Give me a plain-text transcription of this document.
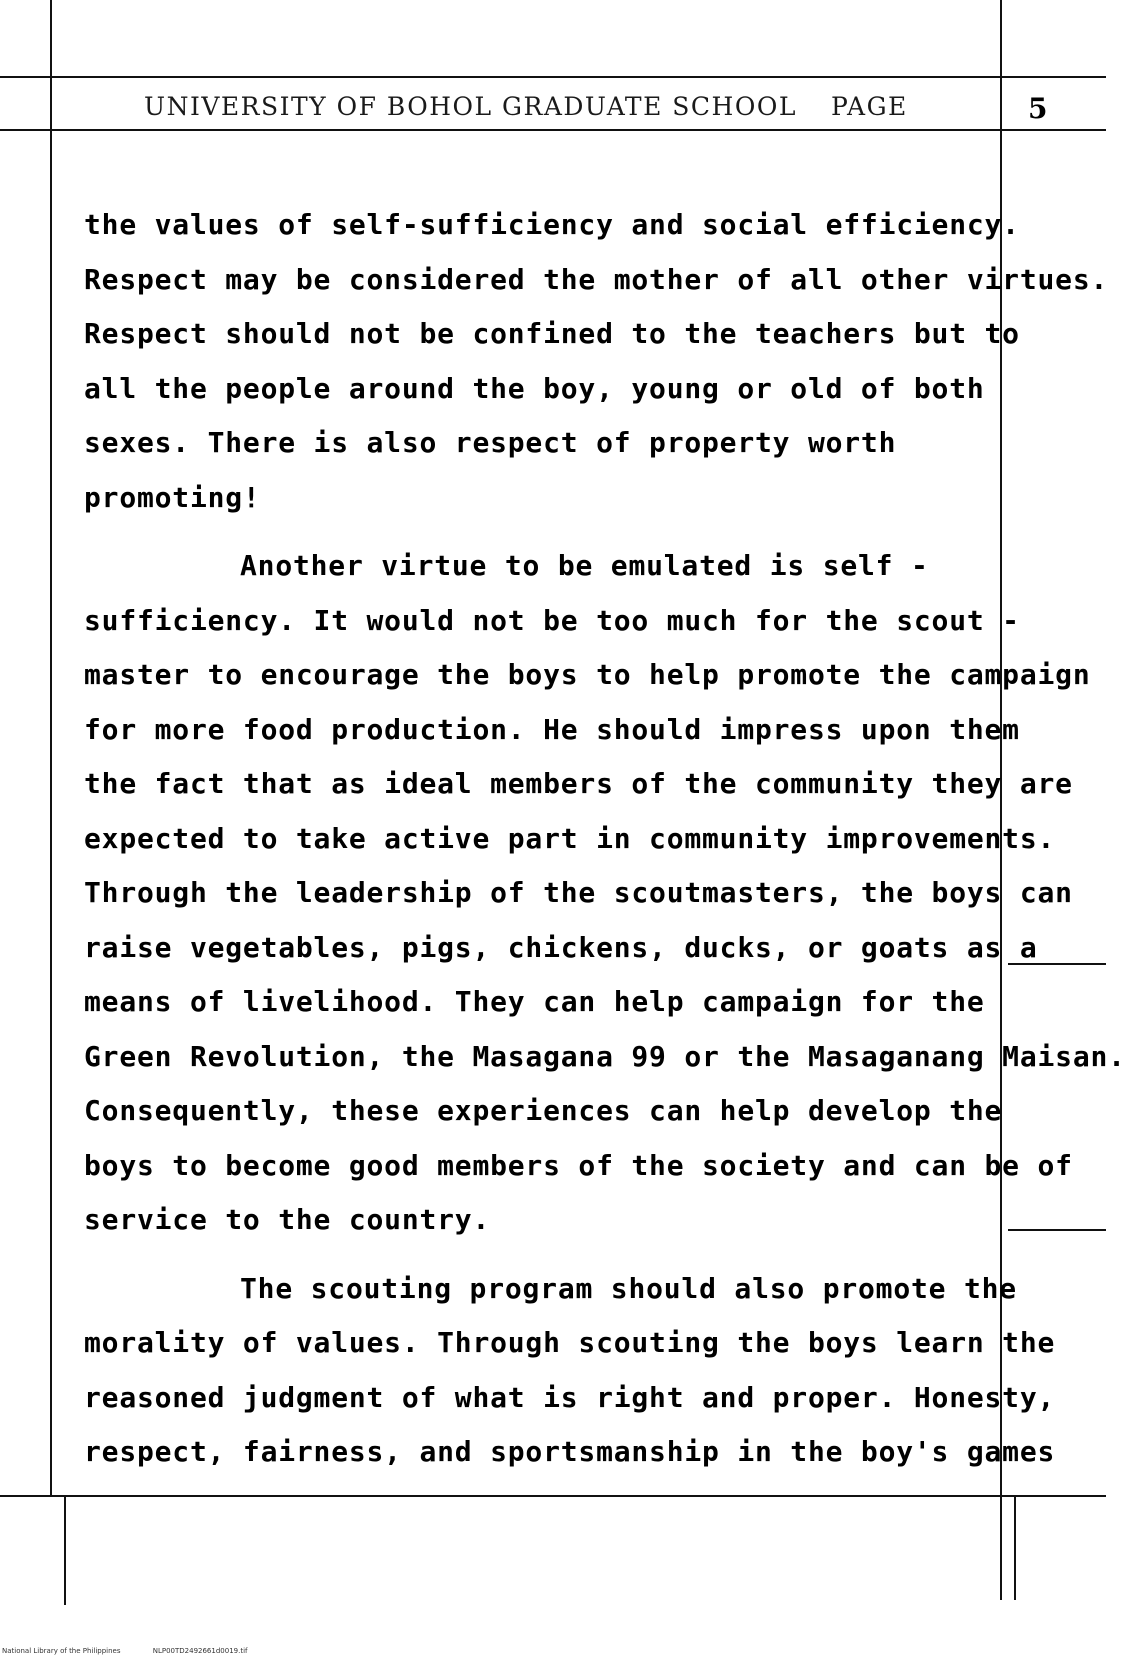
UNIVERSITY OF BOHOL GRADUATE SCHOOL PAGE	5
the values of self-sufficiency and social efficiency.
Respect may be considered the mother of all other virtues.
Respect should not be confined to the teachers but to
all the people around the boy, young or old of both
sexes. There is also respect of property worth
promoting!
Another virtue to be emulated is self -
sufficiency. It would not be too much for the scout -
master to encourage the boys to help promote the campaign
for more food production. He should impress upon them
the fact that as ideal members of the community they are
expected to take active part in community improvements.
Through the leadership of the scoutmasters, the boys can
raise vegetables, pigs, chickens, ducks, or goats as a
means of livelihood. They can help campaign for the
Green Revolution, the Masagana 99 or the Masaganang Maisan.
Consequently, these experiences can help develop the
boys to become good members of the society and can be of
service to the country.
The scouting program should also promote the
morality of values. Through scouting the boys learn the
reasoned judgment of what is right and proper. Honesty,
respect, fairness, and sportsmanship in the boy's games
National Library of the Philippines	NLP00TD2492661d0019.tif
